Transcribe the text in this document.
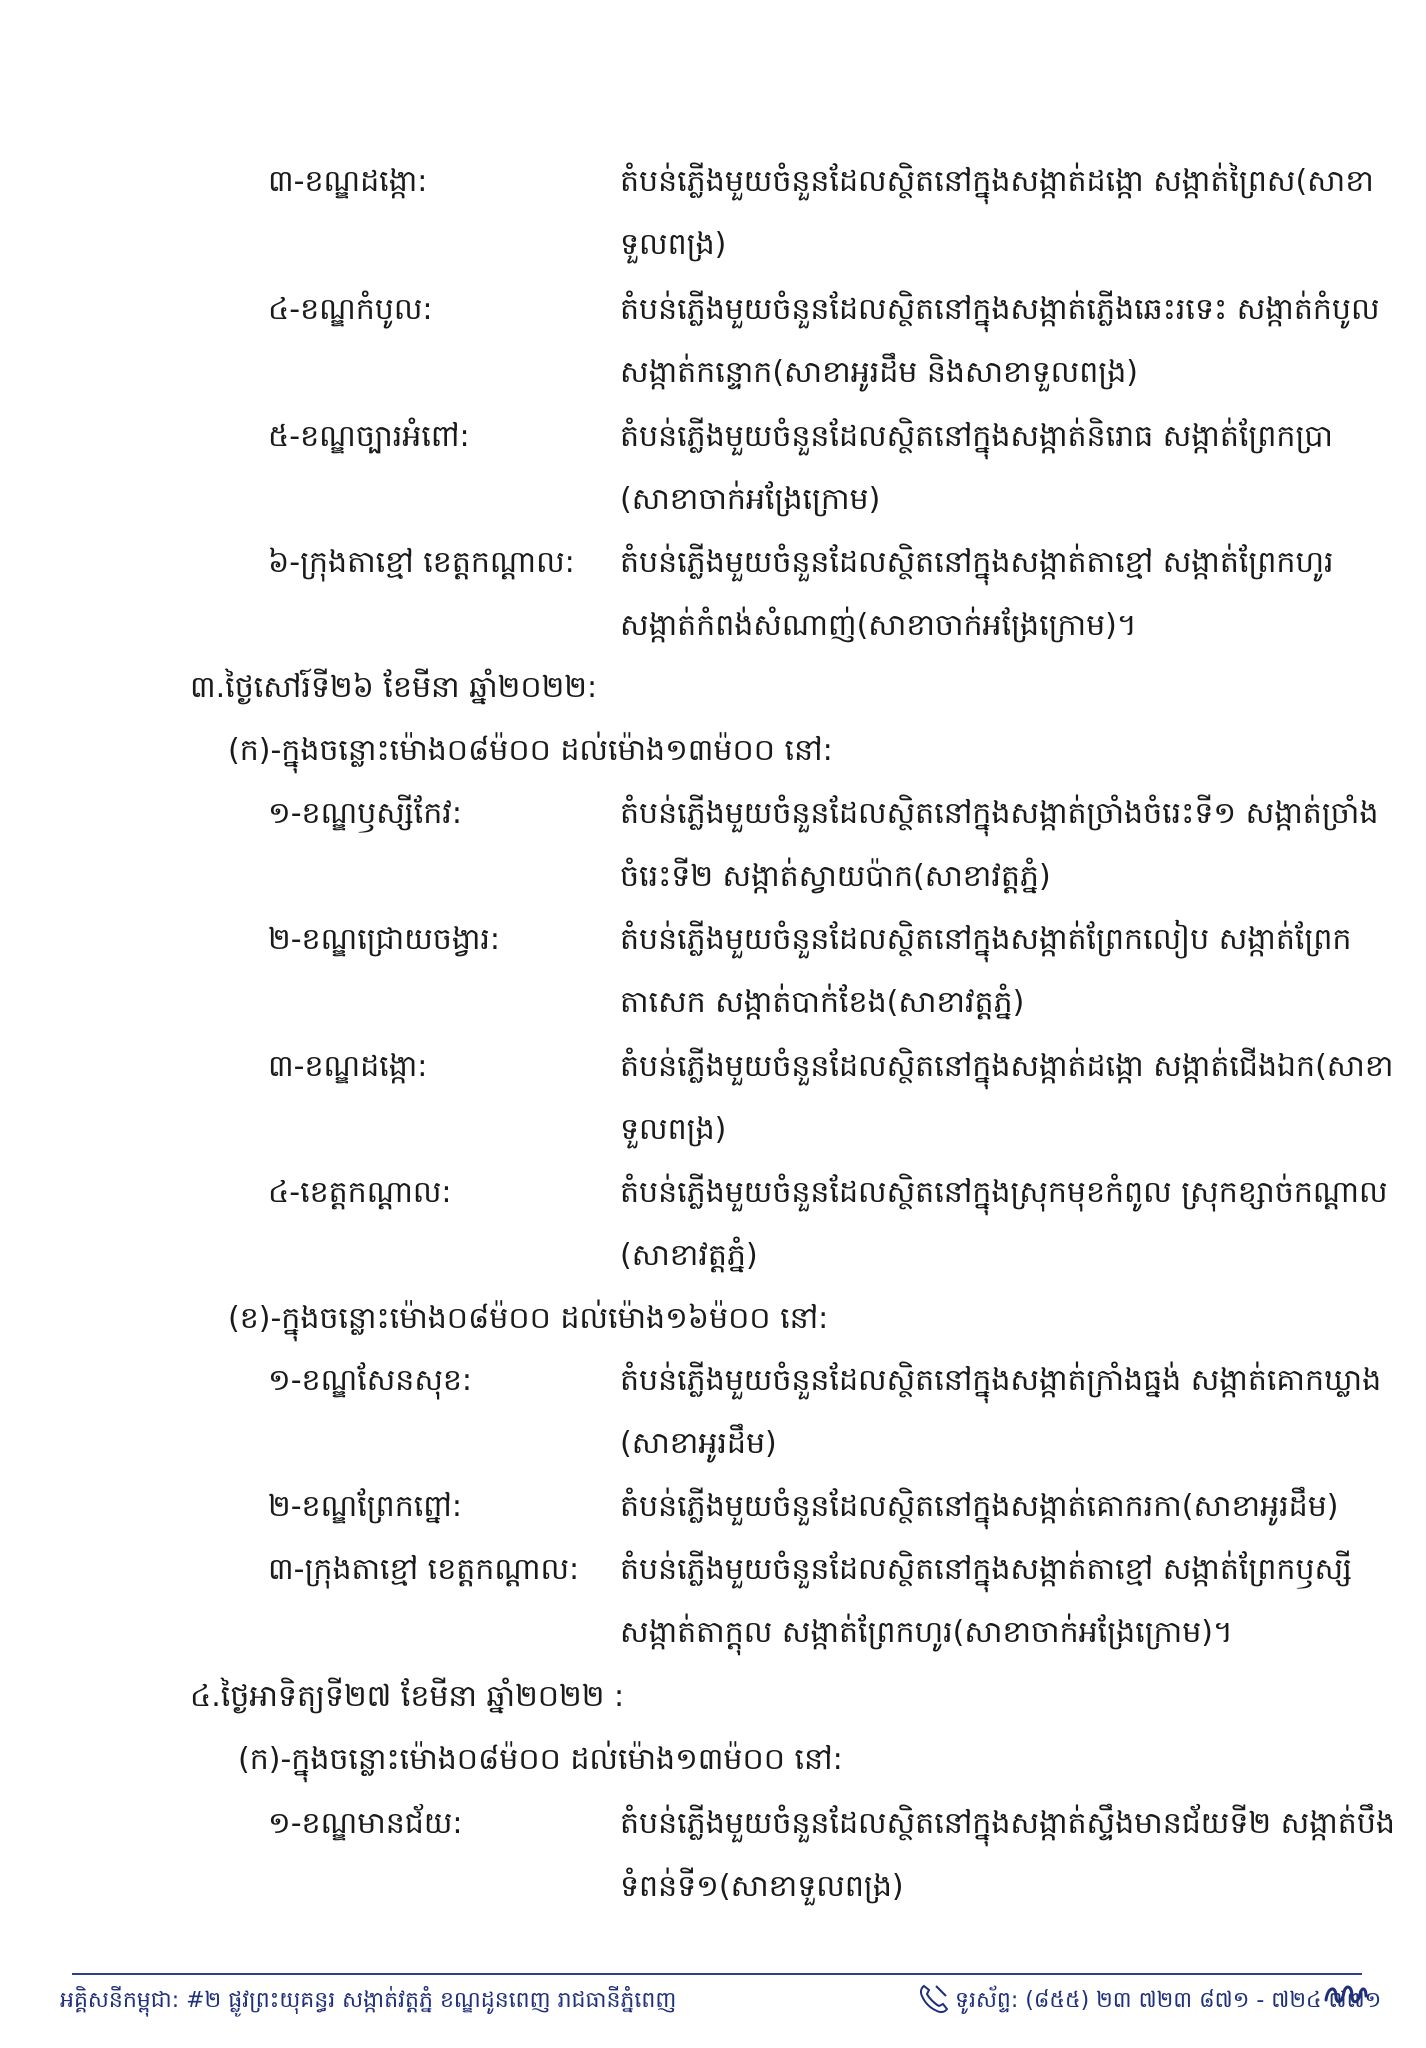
៣-ខណ្ឌដង្កោ:	តំបន់ភ្លើងមួយចំនួនដែលស្ថិតនៅក្នុងសង្កាត់ដង្កោ សង្កាត់ព្រៃស(សាខា
ទួលពង្រ)
៤-ខណ្ឌកំបូល:	តំបន់ភ្លើងមួយចំនួនដែលស្ថិតនៅក្នុងសង្កាត់ភ្លើងឆេះរទេះ សង្កាត់កំបូល
សង្កាត់កន្ទោក(សាខាអូរដឹម និងសាខាទួលពង្រ)
៥-ខណ្ឌច្បារអំពៅ:	តំបន់ភ្លើងមួយចំនួនដែលស្ថិតនៅក្នុងសង្កាត់និរោធ សង្កាត់ព្រែកប្រា
(សាខាចាក់អង្រែក្រោម)
៦-ក្រុងតាខ្មៅ ខេត្តកណ្តាល: តំបន់ភ្លើងមួយចំនួនដែលស្ថិតនៅក្នុងសង្កាត់តាខ្មៅ សង្កាត់ព្រែកហូរ
សង្កាត់កំពង់សំណាញ់(សាខាចាក់អង្រែក្រោម)។
៣.ថ្ងៃសៅរ៍ទី២៦ ខែមីនា ឆ្នាំ២០២២:
(ក)-ក្នុងចន្លោះម៉ោង០៨ម៉០០ ដល់ម៉ោង១៣ម៉០០ នៅ:
១-ខណ្ឌឫស្សីកែវ:	តំបន់ភ្លើងមួយចំនួនដែលស្ថិតនៅក្នុងសង្កាត់ច្រាំងចំរេះទី១ សង្កាត់ច្រាំង
ចំរេះទី២ សង្កាត់ស្វាយប៉ាក(សាខាវត្តភ្នំ)
២-ខណ្ឌជ្រោយចង្វារ:	តំបន់ភ្លើងមួយចំនួនដែលស្ថិតនៅក្នុងសង្កាត់ព្រែកលៀប សង្កាត់ព្រែក
តាសេក សង្កាត់បាក់ខែង(សាខាវត្តភ្នំ)
៣-ខណ្ឌដង្កោ:	តំបន់ភ្លើងមួយចំនួនដែលស្ថិតនៅក្នុងសង្កាត់ដង្កោ សង្កាត់ជើងឯក(សាខា
ទួលពង្រ)
៤-ខេត្តកណ្តាល:	តំបន់ភ្លើងមួយចំនួនដែលស្ថិតនៅក្នុងស្រុកមុខកំពូល ស្រុកខ្សាច់កណ្តាល
(សាខាវត្តភ្នំ)
(ខ)-ក្នុងចន្លោះម៉ោង០៨ម៉០០ ដល់ម៉ោង១៦ម៉០០ នៅ:
១-ខណ្ឌសែនសុខ:	តំបន់ភ្លើងមួយចំនួនដែលស្ថិតនៅក្នុងសង្កាត់ក្រាំងធ្នង់ សង្កាត់គោកឃ្លាង
(សាខាអូរដឹម)
២-ខណ្ឌព្រែកព្នៅ:	តំបន់ភ្លើងមួយចំនួនដែលស្ថិតនៅក្នុងសង្កាត់គោករកា(សាខាអូរដឹម)
៣-ក្រុងតាខ្មៅ ខេត្តកណ្តាល: តំបន់ភ្លើងមួយចំនួនដែលស្ថិតនៅក្នុងសង្កាត់តាខ្មៅ សង្កាត់ព្រែកឫស្សី
សង្កាត់តាក្តុល សង្កាត់ព្រែកហូរ(សាខាចាក់អង្រែក្រោម)។
៤.ថ្ងៃអាទិត្យទី២៧ ខែមីនា ឆ្នាំ២០២២ :
(ក)-ក្នុងចន្លោះម៉ោង០៨ម៉០០ ដល់ម៉ោង១៣ម៉០០ នៅ:
១-ខណ្ឌមានជ័យ:	តំបន់ភ្លើងមួយចំនួនដែលស្ថិតនៅក្នុងសង្កាត់ស្ទឹងមានជ័យទី២ សង្កាត់បឹង
ទំពន់ទី១(សាខាទួលពង្រ)
អគ្គិសនីកម្ពុជា: #២ ផ្លូវព្រះយុគន្ធរ សង្កាត់វត្តភ្នំ ខណ្ឌដូនពេញ រាជធានីភ្នំពេញ	ទូរស័ព្ទ: (៨៥៥) ២៣ ៧២៣ ៨៧១ - ៧២៤ ៧៧១
